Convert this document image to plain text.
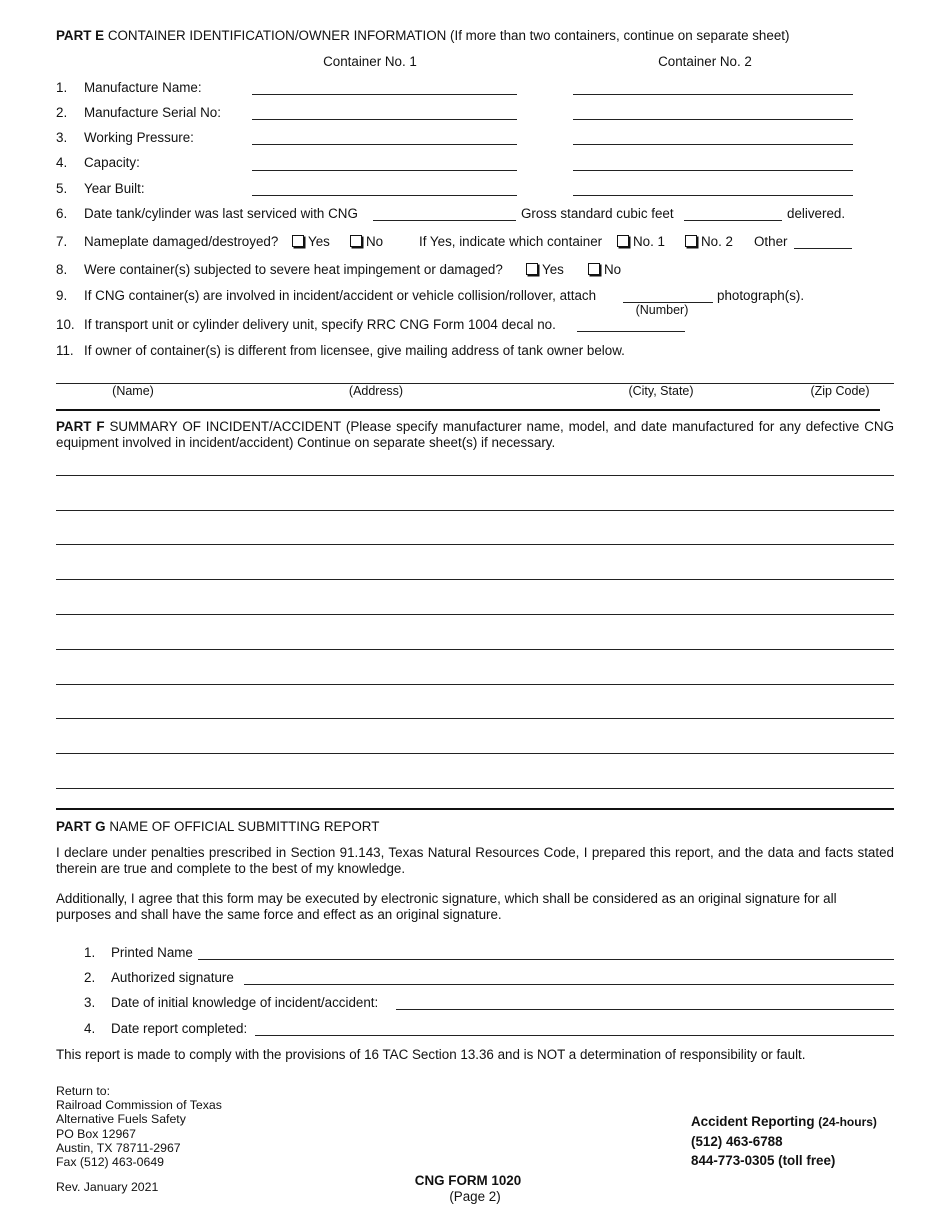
PART E CONTAINER IDENTIFICATION/OWNER INFORMATION (If more than two containers, continue on separate sheet)
Container No. 1	Container No. 2
1. Manufacture Name:
2. Manufacture Serial No:
3. Working Pressure:
4. Capacity:
5. Year Built:
6. Date tank/cylinder was last serviced with CNG	Gross standard cubic feet	delivered.
7. Nameplate damaged/destroyed?	Yes	No	If Yes, indicate which container	No. 1	No. 2 Other
8. Were container(s) subjected to severe heat impingement or damaged?	Yes	No
9. If CNG container(s) are involved in incident/accident or vehicle collision/rollover, attach	photograph(s).
(Number)
10. If transport unit or cylinder delivery unit, specify RRC CNG Form 1004 decal no.
11. If owner of container(s) is different from licensee, give mailing address of tank owner below.
(Name)	(Address)	(City, State)	(Zip Code)
PART F SUMMARY OF INCIDENT/ACCIDENT (Please specify manufacturer name, model, and date manufactured for any defective CNG equipment involved in incident/accident) Continue on separate sheet(s) if necessary.
PART G NAME OF OFFICIAL SUBMITTING REPORT
I declare under penalties prescribed in Section 91.143, Texas Natural Resources Code, I prepared this report, and the data and facts stated therein are true and complete to the best of my knowledge.
Additionally, I agree that this form may be executed by electronic signature, which shall be considered as an original signature for all purposes and shall have the same force and effect as an original signature.
1. Printed Name
2. Authorized signature
3. Date of initial knowledge of incident/accident:
4. Date report completed:
This report is made to comply with the provisions of 16 TAC Section 13.36 and is NOT a determination of responsibility or fault.
Return to:
Railroad Commission of Texas
Alternative Fuels Safety
PO Box 12967
Austin, TX 78711-2967
Fax (512) 463-0649
Rev. January 2021	CNG FORM 1020
(Page 2)
Accident Reporting (24-hours)
(512) 463-6788
844-773-0305 (toll free)
